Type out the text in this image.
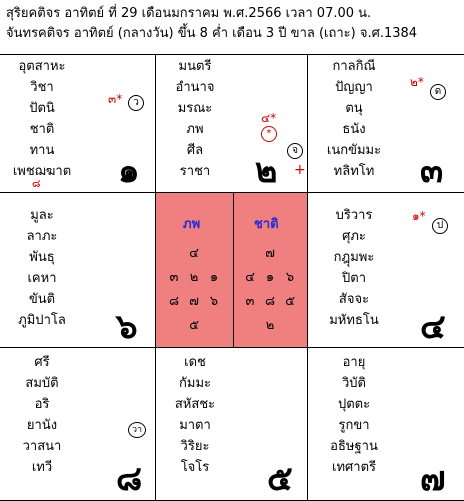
สุริยคติจร อาทิตย์ ที่ 29 เดือนมกราคม พ.ศ.2566 เวลา 07.00 น.
จันทรคติจร อาทิตย์ (กลางวัน) ขึ้น 8 ค่ำ เดือน 3 ปี ขาล (เถาะ) จ.ศ.1384
ภพ
๔
๓ ๒ ๑
๘ ๗ ๖
๕
ชาติ
๗
๔ ๑ ๖
๓ ๘ ๕
๒
อุตสาหะ
วิชา
ปัตนิ
ชาติ
ทาน
เพชฌฆาต
๓*	ว
๘ ๑
มนตรี
อำนาจ
มรณะ
ภพ
ศีล
ราชา
๔*
*
จ
๒ +
กาลกิณี
ปัญญา
ตนุ
ธนัง
เนกขัมมะ
ทลิทโท
๒*
ด
๓
มูละ
ลาภะ
พันธุ
เคหา
ขันติ
ภูมิปาโล	๖
บริวาร
ศุภะ
กฎุมพะ
ปิตา
สัจจะ
มหัทธโน
๑*
ป
๔
ศรี
สมบัติ
อริ
ยานัง
วาสนา
เทวี
วา
๘
เดช
กัมมะ
สหัสชะ
มาตา
วิริยะ
โจโร	๕
อายุ
วิบัติ
ปุตตะ
รูกขา
อธิษฐาน
เทศาตรี	๗
